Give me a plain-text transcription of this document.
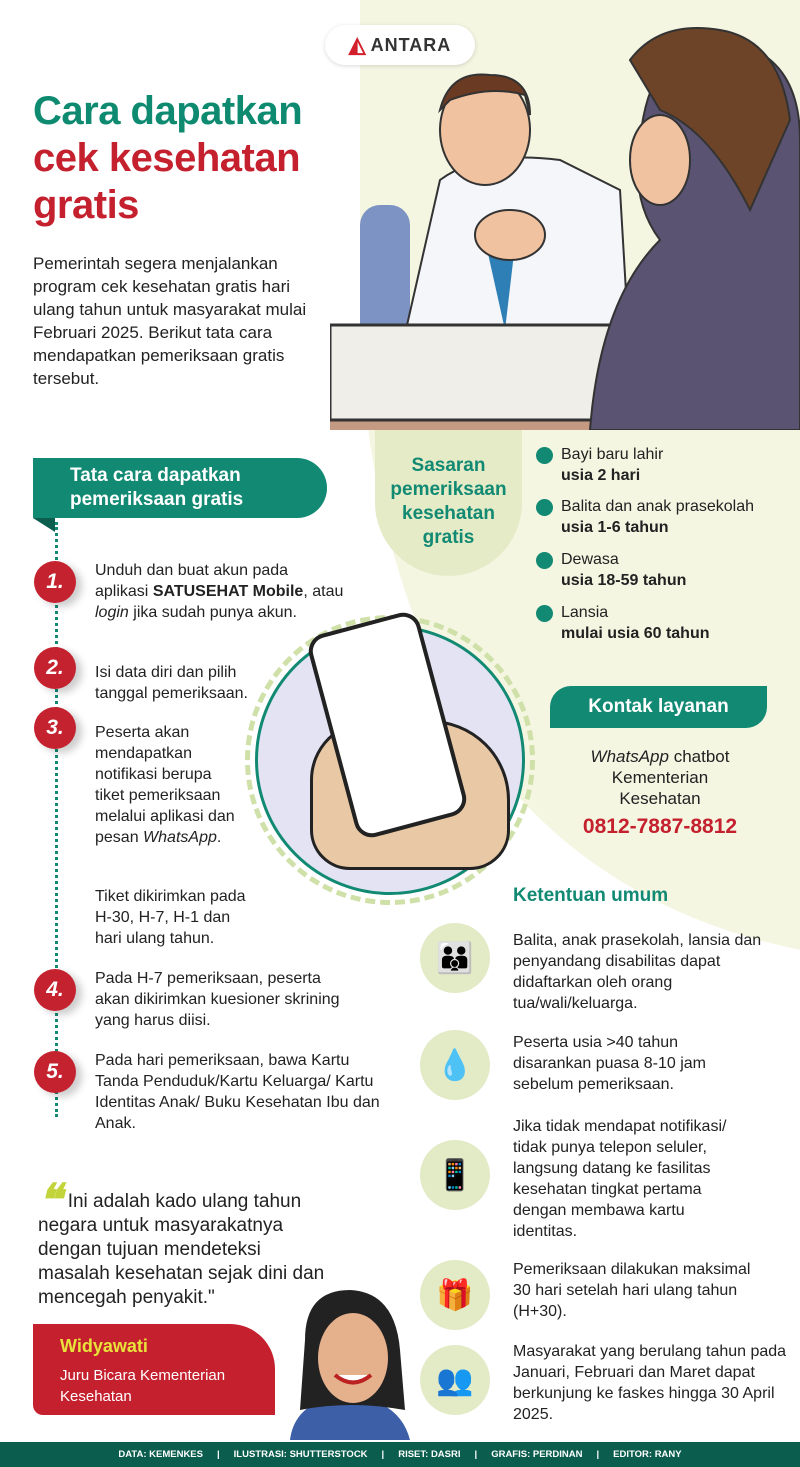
◭ ANTARA
Cara dapatkan
cek kesehatan
gratis
Pemerintah segera menjalankan program cek kesehatan gratis hari ulang tahun untuk masyarakat mulai Februari 2025. Berikut tata cara mendapatkan pemeriksaan gratis tersebut.
Tata cara dapatkan
pemeriksaan gratis
1.	Unduh dan buat akun pada aplikasi SATUSEHAT Mobile, atau login jika sudah punya akun.
2.	Isi data diri dan pilih tanggal pemeriksaan.
3.	Peserta akan mendapatkan notifikasi berupa tiket pemeriksaan melalui aplikasi dan pesan WhatsApp.
Tiket dikirimkan pada H-30, H-7, H-1 dan hari ulang tahun.
4.	Pada H-7 pemeriksaan, peserta akan dikirimkan kuesioner skrining yang harus diisi.
5.	Pada hari pemeriksaan, bawa Kartu Tanda Penduduk/Kartu Keluarga/ Kartu Identitas Anak/ Buku Kesehatan Ibu dan Anak.
Sasaran pemeriksaan kesehatan gratis
Bayi baru lahir
usia 2 hari
Balita dan anak prasekolah
usia 1-6 tahun
Dewasa
usia 18-59 tahun
Lansia
mulai usia 60 tahun
Kontak layanan
WhatsApp chatbot
Kementerian
Kesehatan
0812-7887-8812
Ketentuan umum
👪
Balita, anak prasekolah, lansia dan penyandang disabilitas dapat didaftarkan oleh orang tua/wali/keluarga.
💧
Peserta usia >40 tahun disarankan puasa 8-10 jam sebelum pemeriksaan.
📱
Jika tidak mendapat notifikasi/ tidak punya telepon seluler, langsung datang ke fasilitas kesehatan tingkat pertama dengan membawa kartu identitas.
🎁
Pemeriksaan dilakukan maksimal 30 hari setelah hari ulang tahun (H+30).
👥
Masyarakat yang berulang tahun pada Januari, Februari dan Maret dapat berkunjung ke faskes hingga 30 April 2025.
❝ Ini adalah kado ulang tahun negara untuk masyarakatnya dengan tujuan mendeteksi masalah kesehatan sejak dini dan mencegah penyakit."
Widyawati
Juru Bicara Kementerian Kesehatan
DATA: KEMENKES | ILUSTRASI: SHUTTERSTOCK | RISET: DASRI | GRAFIS: PERDINAN | EDITOR: RANY
